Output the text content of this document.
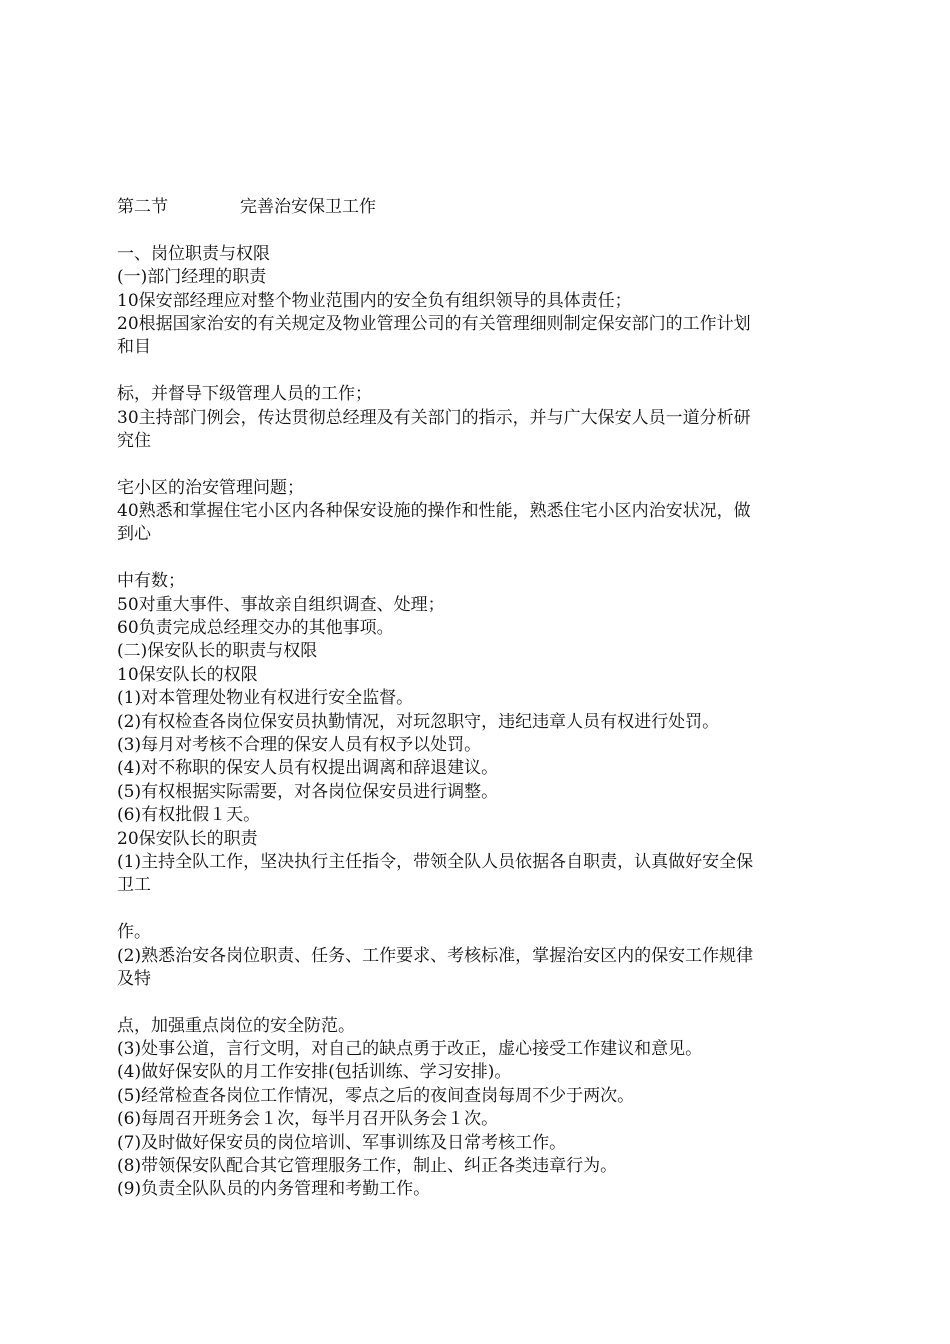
第二节	完善治安保卫工作
一、岗位职责与权限
(一)部门经理的职责
10保安部经理应对整个物业范围内的安全负有组织领导的具体责任；
20根据国家治安的有关规定及物业管理公司的有关管理细则制定保安部门的工作计划
和目
标，并督导下级管理人员的工作；
30主持部门例会，传达贯彻总经理及有关部门的指示，并与广大保安人员一道分析研
究住
宅小区的治安管理问题；
40熟悉和掌握住宅小区内各种保安设施的操作和性能，熟悉住宅小区内治安状况，做
到心
中有数；
50对重大事件、事故亲自组织调查、处理；
60负责完成总经理交办的其他事项。
(二)保安队长的职责与权限
10保安队长的权限
(1)对本管理处物业有权进行安全监督。
(2)有权检查各岗位保安员执勤情况，对玩忽职守，违纪违章人员有权进行处罚。
(3)每月对考核不合理的保安人员有权予以处罚。
(4)对不称职的保安人员有权提出调离和辞退建议。
(5)有权根据实际需要，对各岗位保安员进行调整。
(6)有权批假１天。
20保安队长的职责
(1)主持全队工作，坚决执行主任指令，带领全队人员依据各自职责，认真做好安全保
卫工
作。
(2)熟悉治安各岗位职责、任务、工作要求、考核标准，掌握治安区内的保安工作规律
及特
点，加强重点岗位的安全防范。
(3)处事公道，言行文明，对自己的缺点勇于改正，虚心接受工作建议和意见。
(4)做好保安队的月工作安排(包括训练、学习安排)。
(5)经常检查各岗位工作情况，零点之后的夜间查岗每周不少于两次。
(6)每周召开班务会１次，每半月召开队务会１次。
(7)及时做好保安员的岗位培训、军事训练及日常考核工作。
(8)带领保安队配合其它管理服务工作，制止、纠正各类违章行为。
(9)负责全队队员的内务管理和考勤工作。
